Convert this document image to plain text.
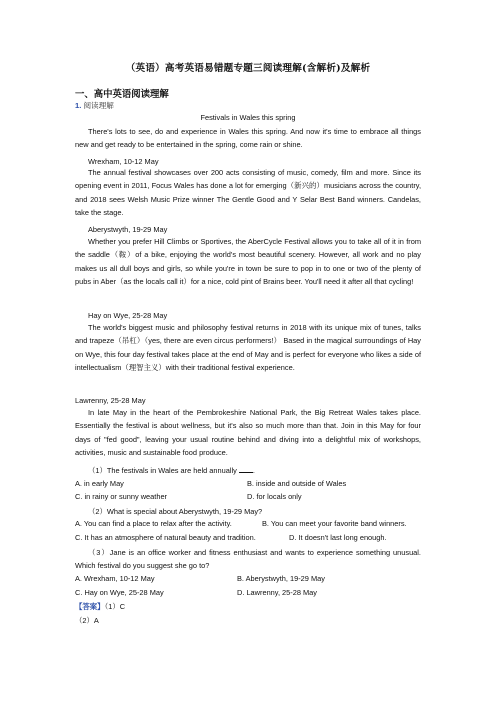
（英语）高考英语易错题专题三阅读理解(含解析)及解析
一、高中英语阅读理解
1. 阅读理解
Festivals in Wales this spring
There's lots to see, do and experience in Wales this spring. And now it's time to embrace all things new and get ready to be entertained in the spring, come rain or shine.
Wrexham, 10-12 May
The annual festival showcases over 200 acts consisting of music, comedy, film and more. Since its opening event in 2011, Focus Wales has done a lot for emerging（新兴的）musicians across the country, and 2018 sees Welsh Music Prize winner The Gentle Good and Y Selar Best Band winners. Candelas, take the stage.
Aberystwyth, 19-29 May
Whether you prefer Hill Climbs or Sportives, the AberCycle Festival allows you to take all of it in from the saddle（鞍）of a bike, enjoying the world's most beautiful scenery. However, all work and no play makes us all dull boys and girls, so while you're in town be sure to pop in to one or two of the plenty of pubs in Aber（as the locals call it）for a nice, cold pint of Brains beer. You'll need it after all that cycling!
Hay on Wye, 25-28 May
The world's biggest music and philosophy festival returns in 2018 with its unique mix of tunes, talks and trapeze（吊杠）（yes, there are even circus performers!） Based in the magical surroundings of Hay on Wye, this four day festival takes place at the end of May and is perfect for everyone who likes a side of intellectualism（理智主义）with their traditional festival experience.
Lawrenny, 25-28 May
In late May in the heart of the Pembrokeshire National Park, the Big Retreat Wales takes place. Essentially the festival is about wellness, but it's also so much more than that. Join in this May for four days of "fed good", leaving your usual routine behind and diving into a delightful mix of workshops, activities, music and sustainable food produce.
（1）The festivals in Wales are held annually .
A. in early May	B. inside and outside of Wales
C. in rainy or sunny weather	D. for locals only
（2）What is special about Aberystwyth, 19-29 May?
A. You can find a place to relax after the activity.	B. You can meet your favorite band winners.
C. It has an atmosphere of natural beauty and tradition.	D. It doesn't last long enough.
（3）Jane is an office worker and fitness enthusiast and wants to experience something unusual. Which festival do you suggest she go to?
A. Wrexham, 10-12 May	B. Aberystwyth, 19-29 May
C. Hay on Wye, 25-28 May	D. Lawrenny, 25-28 May
【答案】（1）C
（2）A
